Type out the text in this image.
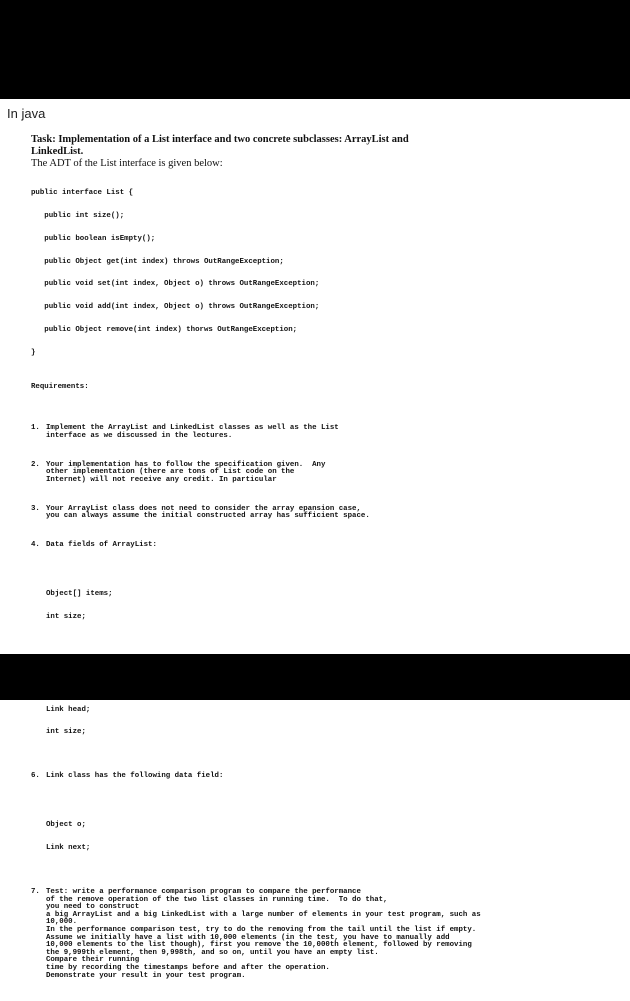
In java

Task: Implementation of a List interface and two concrete subclasses: ArrayList and LinkedList.

The ADT of the List interface is given below:

public interface List {

public int size();

public boolean isEmpty();

public Object get(int index) throws OutRangeException;

public void set(int index, Object o) throws OutRangeException;

public void add(int index, Object o) throws OutRangeException;

public Object remove(int index) thorws OutRangeException;

}

Requirements:

1. Implement the ArrayList and LinkedList classes as well as the List
interface as we discussed in the lectures.

2. Your implementation has to follow the specification given.  Any
other implementation (there are tons of List code on the
Internet) will not receive any credit. In particular

3. Your ArrayList class does not need to consider the array epansion case,
you can always assume the initial constructed array has sufficient space.

4. Data fields of ArrayList:

Object[] items;

int size;

Link head;

int size;

6. Link class has the following data field:

Object o;

Link next;

7. Test: write a performance comparison program to compare the performance
of the remove operation of the two list classes in running time.  To do that,
you need to construct
a big ArrayList and a big LinkedList with a large number of elements in your test program, such as
10,000.
In the performance comparison test, try to do the removing from the tail until the list if empty.
Assume we initially have a list with 10,000 elements (in the test, you have to manually add
10,000 elements to the list though), first you remove the 10,000th element, followed by removing
the 9,999th element, then 9,998th, and so on, until you have an empty list.
Compare their running
time by recording the timestamps before and after the operation.
Demonstrate your result in your test program.
